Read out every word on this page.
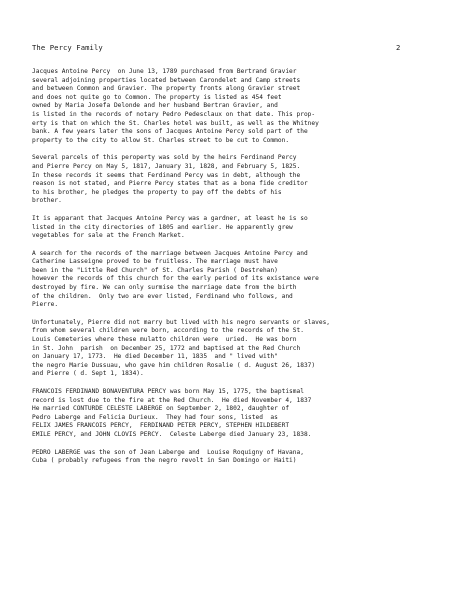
The Percy Family	2
Jacques Antoine Percy  on June 13, 1789 purchased from Bertrand Gravier
several adjoining properties located between Carondelet and Camp streets
and between Common and Gravier. The property fronts along Gravier street
and does not quite go to Common. The property is listed as 454 feet
owned by Maria Josefa Delonde and her husband Bertran Gravier, and
is listed in the records of notary Pedro Pedesclaux on that date. This prop-
erty is that on which the St. Charles hotel was built, as well as the Whitney
bank. A few years later the sons of Jacques Antoine Percy sold part of the
property to the city to allow St. Charles street to be cut to Common.
Several parcels of this peroperty was sold by the heirs Ferdinand Percy
and Pierre Percy on May 5, 1817, January 31, 1828, and February 5, 1825.
In these records it seems that Ferdinand Percy was in debt, although the
reason is not stated, and Pierre Percy states that as a bona fide creditor
to his brother, he pledges the property to pay off the debts of his
brother.
It is apparant that Jacques Antoine Percy was a gardner, at least he is so
listed in the city directories of 1805 and earlier. He apparently grew
vegetables for sale at the French Market.
A search for the records of the marriage between Jacques Antoine Percy and
Catherine Lasseigne proved to be fruitless. The marriage must have
been in the "Little Red Church" of St. Charles Parish ( Destrehan)
however the records of this church for the early period of its existance were
destroyed by fire. We can only surmise the marriage date from the birth
of the children.  Only two are ever listed, Ferdinand who follows, and
Pierre.
Unfortunately, Pierre did not marry but lived with his negro servants or slaves,
from whom several children were born, according to the records of the St.
Louis Cemeteries where these mulatto children were  uried.  He was born
in St. John  parish  on December 25, 1772 and baptised at the Red Church
on January 17, 1773.  He died December 11, 1835  and " lived with"
the negro Marie Dussuau, who gave him children Rosalie ( d. August 26, 1837)
and Pierre ( d. Sept 1, 1834).
FRANCOIS FERDINAND BONAVENTURA PERCY was born May 15, 1775, the baptismal
record is lost due to the fire at the Red Church.  He died November 4, 1837
He married CONTURDE CELESTE LABERGE on September 2, 1802, daughter of
Pedro Laberge and Felicia Durieux.  They had four sons, listed  as
FELIX JAMES FRANCOIS PERCY,  FERDINAND PETER PERCY, STEPHEN HILDEBERT
EMILE PERCY, and JOHN CLOVIS PERCY.  Celeste Laberge died January 23, 1838.
PEDRO LABERGE was the son of Jean Laberge and  Louise Roquigny of Havana,
Cuba ( probably refugees from the negro revolt in San Domingo or Haiti)
